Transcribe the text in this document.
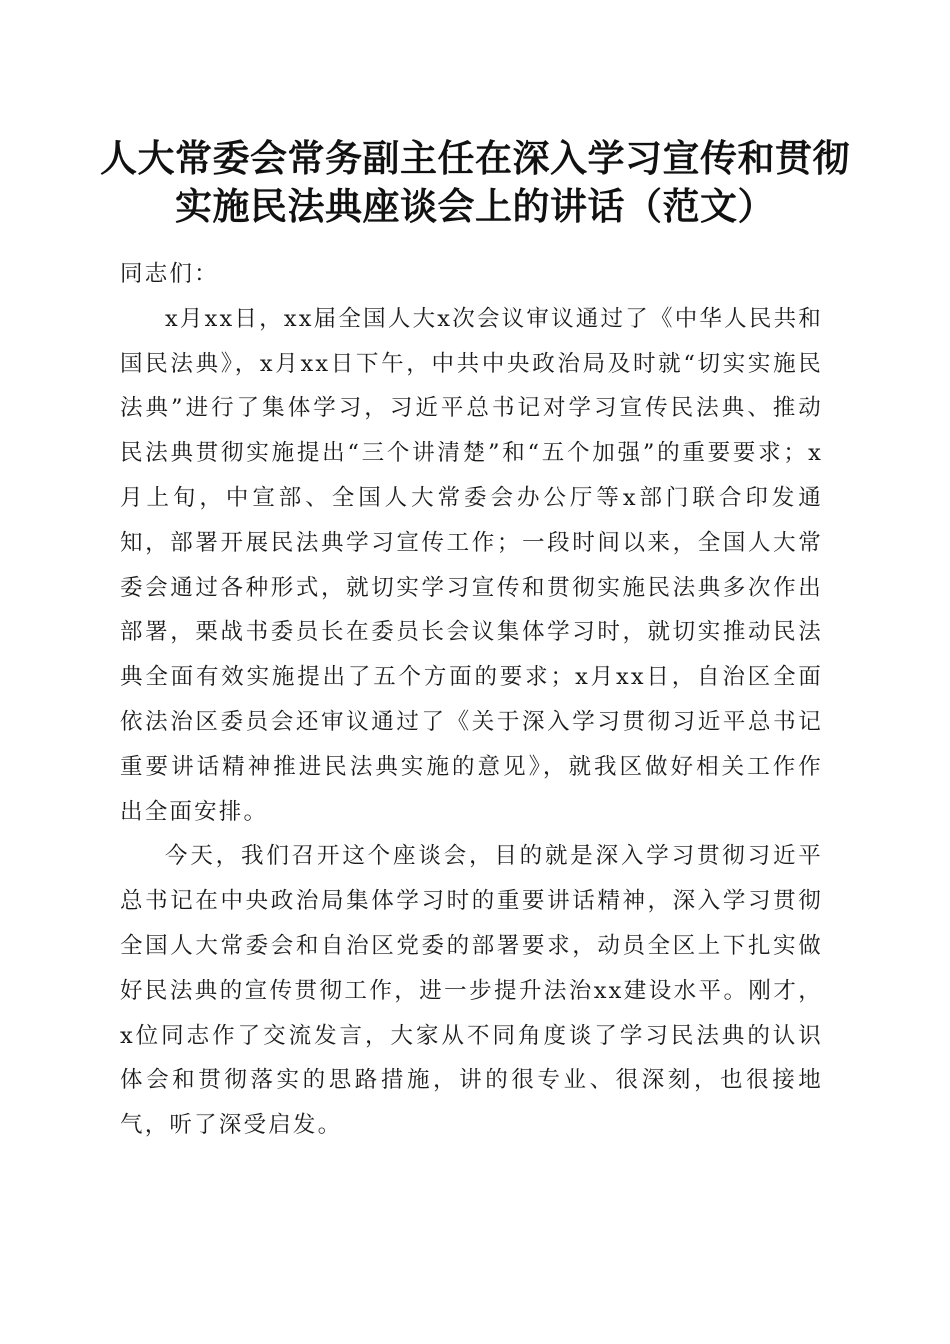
人大常委会常务副主任在深入学习宣传和贯彻实施民法典座谈会上的讲话（范文）

同志们：

x月xx日，xx届全国人大x次会议审议通过了《中华人民共和国民法典》，x月xx日下午，中共中央政治局及时就“切实实施民法典”进行了集体学习，习近平总书记对学习宣传民法典、推动民法典贯彻实施提出“三个讲清楚”和“五个加强”的重要要求；x月上旬，中宣部、全国人大常委会办公厅等x部门联合印发通知，部署开展民法典学习宣传工作；一段时间以来，全国人大常委会通过各种形式，就切实学习宣传和贯彻实施民法典多次作出部署，栗战书委员长在委员长会议集体学习时，就切实推动民法典全面有效实施提出了五个方面的要求；x月xx日，自治区全面依法治区委员会还审议通过了《关于深入学习贯彻习近平总书记重要讲话精神推进民法典实施的意见》，就我区做好相关工作作出全面安排。

今天，我们召开这个座谈会，目的就是深入学习贯彻习近平总书记在中央政治局集体学习时的重要讲话精神，深入学习贯彻全国人大常委会和自治区党委的部署要求，动员全区上下扎实做好民法典的宣传贯彻工作，进一步提升法治xx建设水平。刚才，x位同志作了交流发言，大家从不同角度谈了学习民法典的认识体会和贯彻落实的思路措施，讲的很专业、很深刻，也很接地气，听了深受启发。
